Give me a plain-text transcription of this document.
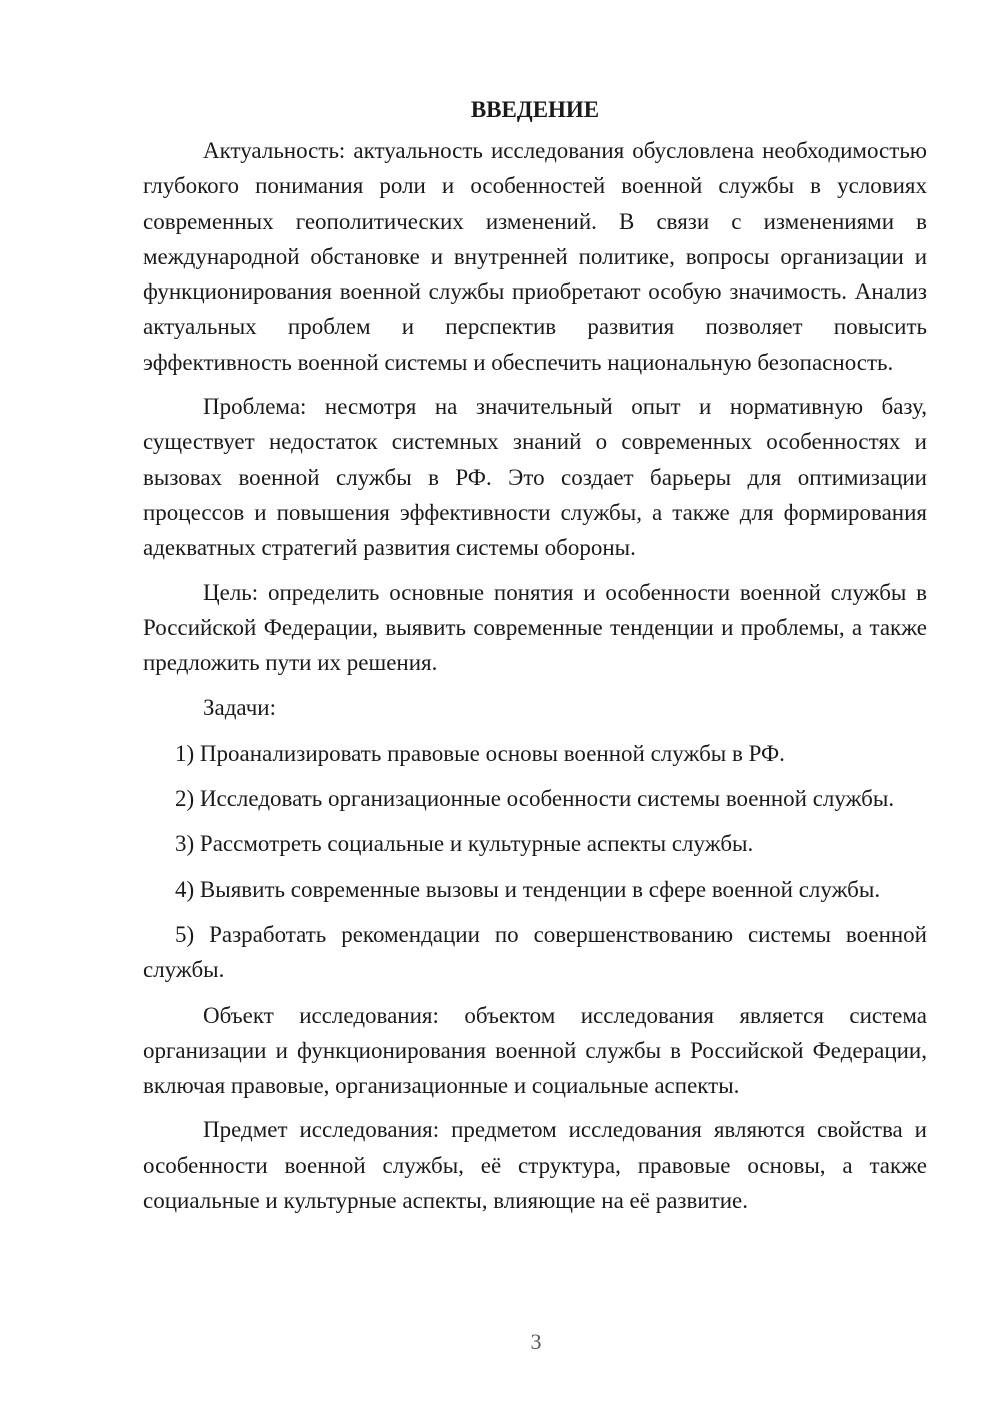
ВВЕДЕНИЕ

Актуальность: актуальность исследования обусловлена необходимостью глубокого понимания роли и особенностей военной службы в условиях современных геополитических изменений. В связи с изменениями в международной обстановке и внутренней политике, вопросы организации и функционирования военной службы приобретают особую значимость. Анализ актуальных проблем и перспектив развития позволяет повысить эффективность военной системы и обеспечить национальную безопасность.

Проблема: несмотря на значительный опыт и нормативную базу, существует недостаток системных знаний о современных особенностях и вызовах военной службы в РФ. Это создает барьеры для оптимизации процессов и повышения эффективности службы, а также для формирования адекватных стратегий развития системы обороны.

Цель: определить основные понятия и особенности военной службы в Российской Федерации, выявить современные тенденции и проблемы, а также предложить пути их решения.

Задачи:

1) Проанализировать правовые основы военной службы в РФ.

2) Исследовать организационные особенности системы военной службы.

3) Рассмотреть социальные и культурные аспекты службы.

4) Выявить современные вызовы и тенденции в сфере военной службы.

5) Разработать рекомендации по совершенствованию системы военной службы.

Объект исследования: объектом исследования является система организации и функционирования военной службы в Российской Федерации, включая правовые, организационные и социальные аспекты.

Предмет исследования: предметом исследования являются свойства и особенности военной службы, её структура, правовые основы, а также социальные и культурные аспекты, влияющие на её развитие.

3
